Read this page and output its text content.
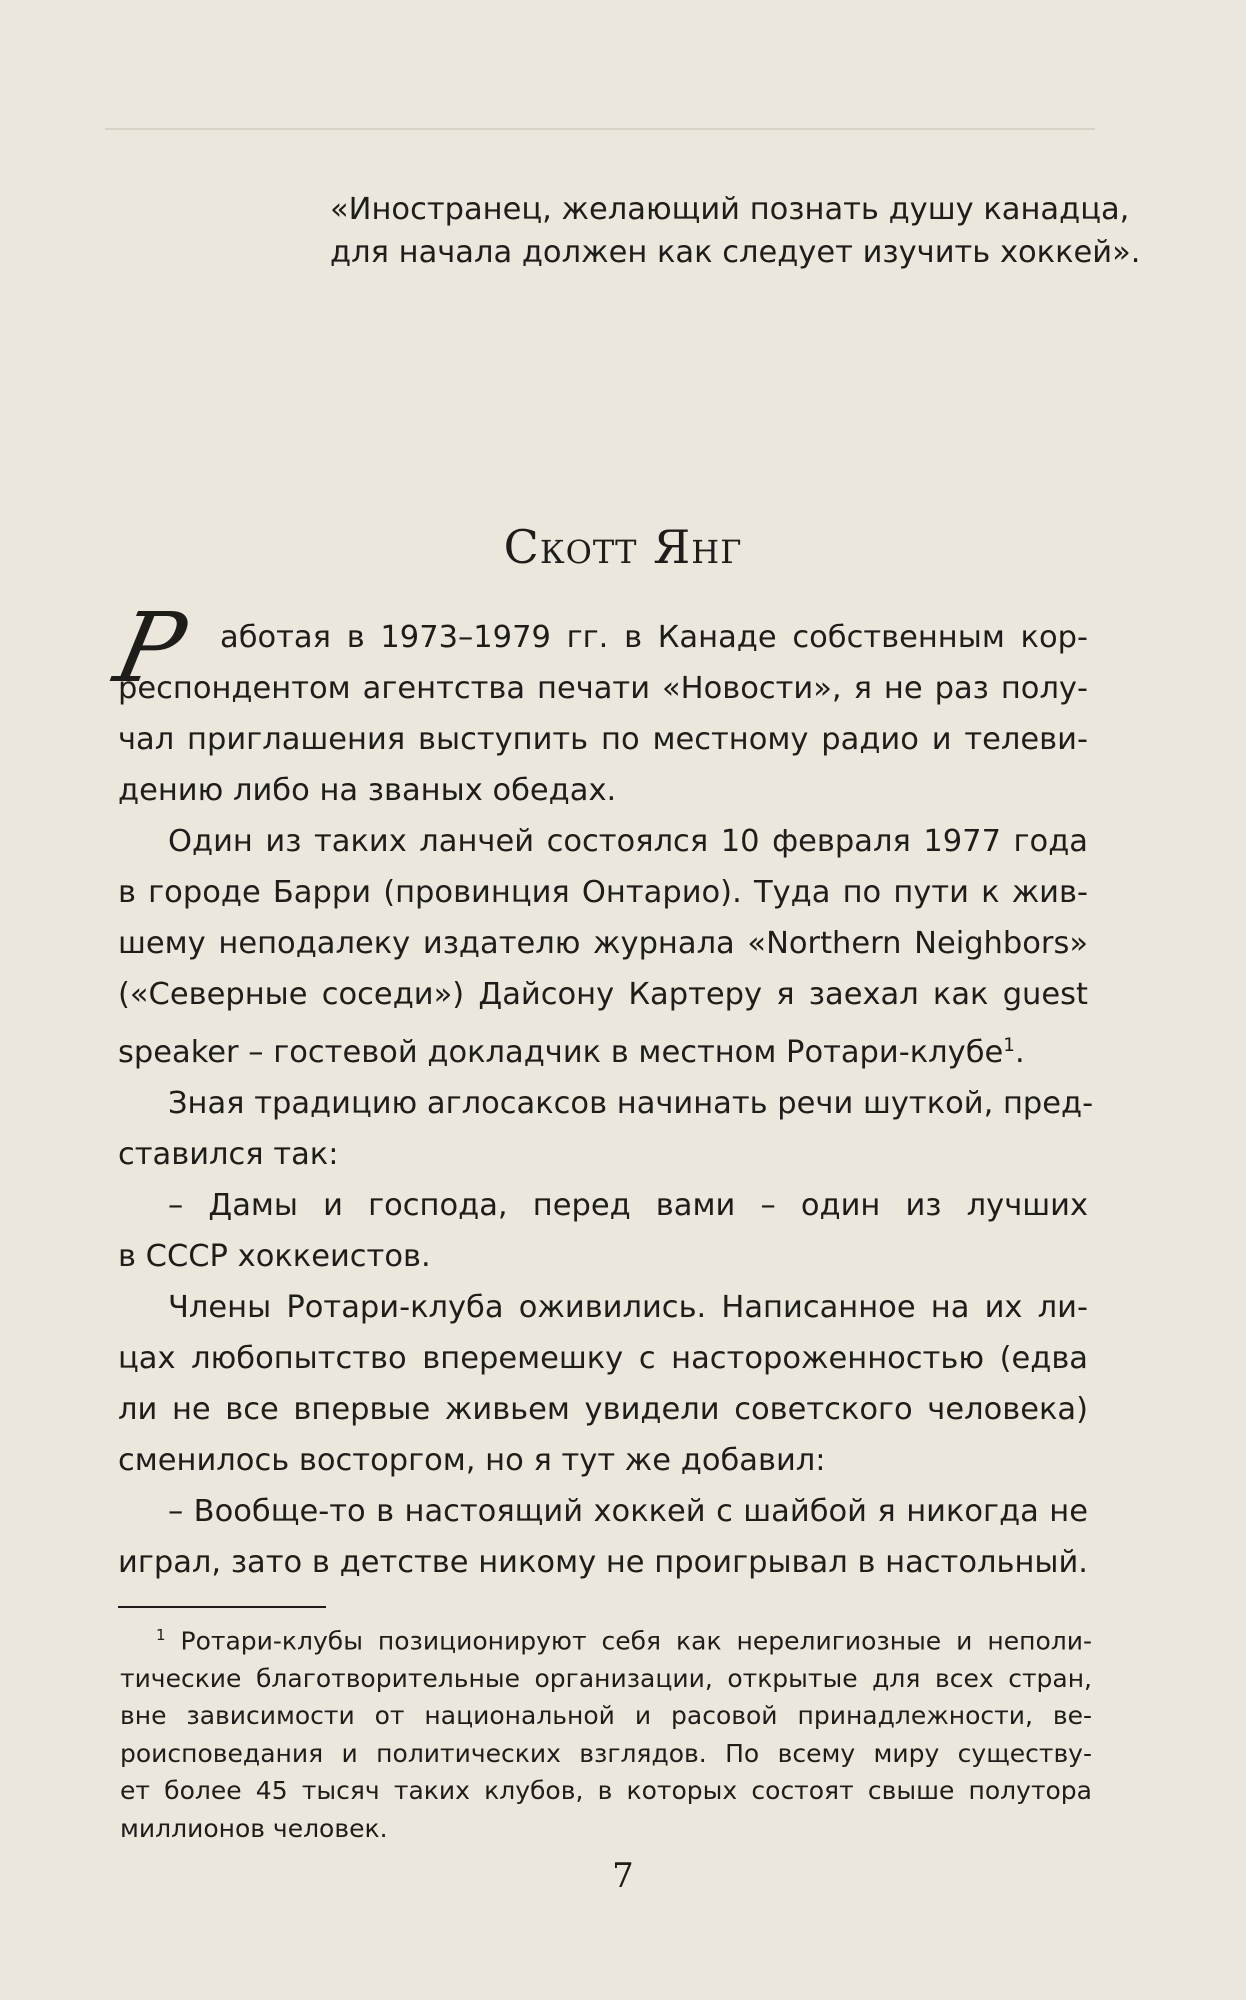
«Иностранец, желающий познать душу канадца,

для начала должен как следует изучить хоккей».

Скотт Янг
Р аботая в 1973–1979 гг. в Канаде собственным кор-
респондентом агентства печати «Новости», я не раз полу-
чал приглашения выступить по местному радио и телеви-
дению либо на званых обедах.
Один из таких ланчей состоялся 10 февраля 1977 года
в городе Барри (провинция Онтарио). Туда по пути к жив-
шему неподалеку издателю журнала «Northern Neighbors»
(«Северные соседи») Дайсону Картеру я заехал как guest
speaker – гостевой докладчик в местном Ротари-клубе$^1$.
Зная традицию аглосаксов начинать речи шуткой, пред-
ставился так:
– Дамы и господа, перед вами – один из лучших
в СССР хоккеистов.
Члены Ротари-клуба оживились. Написанное на их ли-
цах любопытство вперемешку с настороженностью (едва
ли не все впервые живьем увидели советского человека)
сменилось восторгом, но я тут же добавил:
– Вообще-то в настоящий хоккей с шайбой я никогда не
играл, зато в детстве никому не проигрывал в настольный.
$^1$ Ротари-клубы позиционируют себя как нерелигиозные и неполи-
тические благотворительные организации, открытые для всех стран,
вне зависимости от национальной и расовой принадлежности, ве-
роисповедания и политических взглядов. По всему миру существу-
ет более 45 тысяч таких клубов, в которых состоят свыше полутора
миллионов человек.
7
